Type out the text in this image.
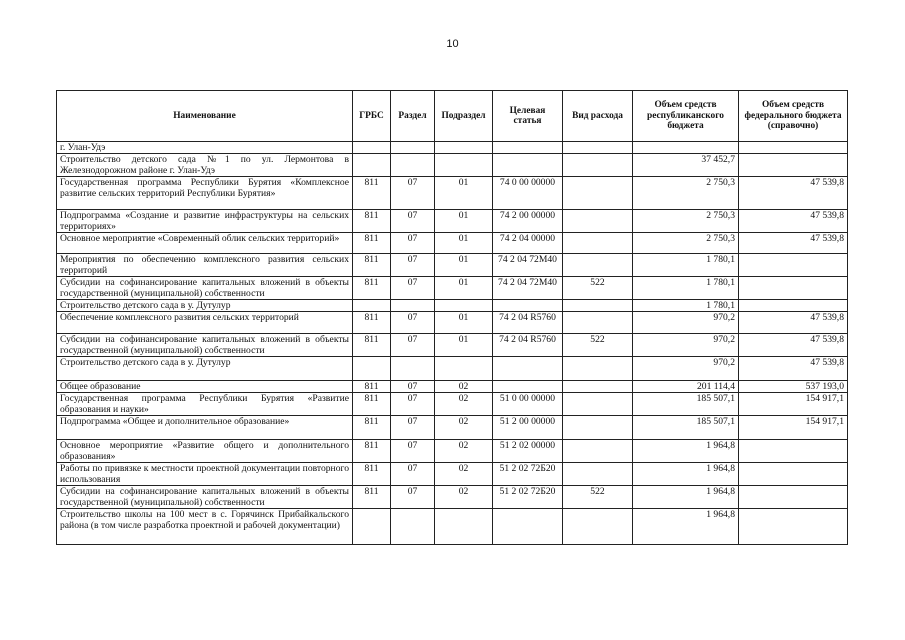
10
Наименование	ГРБС	Раздел	Подраздел	Целевая статья	Вид расхода	Объем средств республиканского бюджета	Объем средств федерального бюджета (справочно)
г. Улан-Удэ							
Строительство детского сада №1 по ул. Лермонтова в Железнодорожном районе г. Улан-Удэ						37 452,7	
Государственная программа Республики Бурятия «Комплексное развитие сельских территорий Республики Бурятия»	811	07	01	74 0 00 00000		2 750,3	47 539,8
Подпрограмма «Создание и развитие инфраструктуры на сельских территориях»	811	07	01	74 2 00 00000		2 750,3	47 539,8
Основное мероприятие «Современный облик сельских территорий»	811	07	01	74 2 04 00000		2 750,3	47 539,8
Мероприятия по обеспечению комплексного развития сельских территорий	811	07	01	74 2 04 72М40		1 780,1	
Субсидии на софинансирование капитальных вложений в объекты государственной (муниципальной) собственности	811	07	01	74 2 04 72М40	522	1 780,1	
Строительство детского сада в у. Дутулур						1 780,1	
Обеспечение комплексного развития сельских территорий	811	07	01	74 2 04 R5760		970,2	47 539,8
Субсидии на софинансирование капитальных вложений в объекты государственной (муниципальной) собственности	811	07	01	74 2 04 R5760	522	970,2	47 539,8
Строительство детского сада в у. Дутулур						970,2	47 539,8
Общее образование	811	07	02			201 114,4	537 193,0
Государственная программа Республики Бурятия «Развитие образования и науки»	811	07	02	51 0 00 00000		185 507,1	154 917,1
Подпрограмма «Общее и дополнительное образование»	811	07	02	51 2 00 00000		185 507,1	154 917,1
Основное мероприятие «Развитие общего и дополнительного образования»	811	07	02	51 2 02 00000		1 964,8	
Работы по привязке к местности проектной документации повторного использования	811	07	02	51 2 02 72Б20		1 964,8	
Субсидии на софинансирование капитальных вложений в объекты государственной (муниципальной) собственности	811	07	02	51 2 02 72Б20	522	1 964,8	
Строительство школы на 100 мест в с. Горячинск Прибайкальского района (в том числе разработка проектной и рабочей документации)						1 964,8	
